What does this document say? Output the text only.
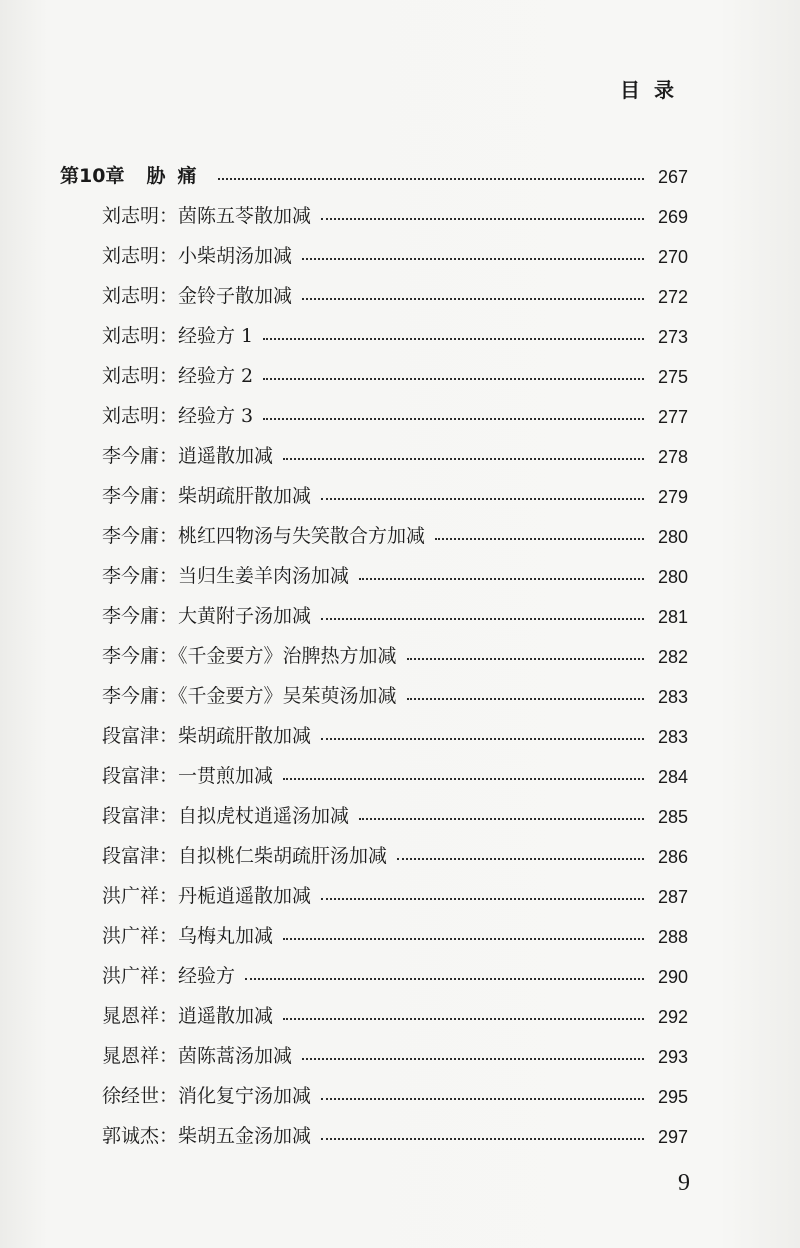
目录
第10章 胁痛	267
刘志明：茵陈五苓散加减	269
刘志明：小柴胡汤加减	270
刘志明：金铃子散加减	272
刘志明：经验方 1	273
刘志明：经验方 2	275
刘志明：经验方 3	277
李今庸：逍遥散加减	278
李今庸：柴胡疏肝散加减	279
李今庸：桃红四物汤与失笑散合方加减	280
李今庸：当归生姜羊肉汤加减	280
李今庸：大黄附子汤加减	281
李今庸：《千金要方》治脾热方加减	282
李今庸：《千金要方》吴茱萸汤加减	283
段富津：柴胡疏肝散加减	283
段富津：一贯煎加减	284
段富津：自拟虎杖逍遥汤加减	285
段富津：自拟桃仁柴胡疏肝汤加减	286
洪广祥：丹栀逍遥散加减	287
洪广祥：乌梅丸加减	288
洪广祥：经验方	290
晁恩祥：逍遥散加减	292
晁恩祥：茵陈蒿汤加减	293
徐经世：消化复宁汤加减	295
郭诚杰：柴胡五金汤加减	297
9
